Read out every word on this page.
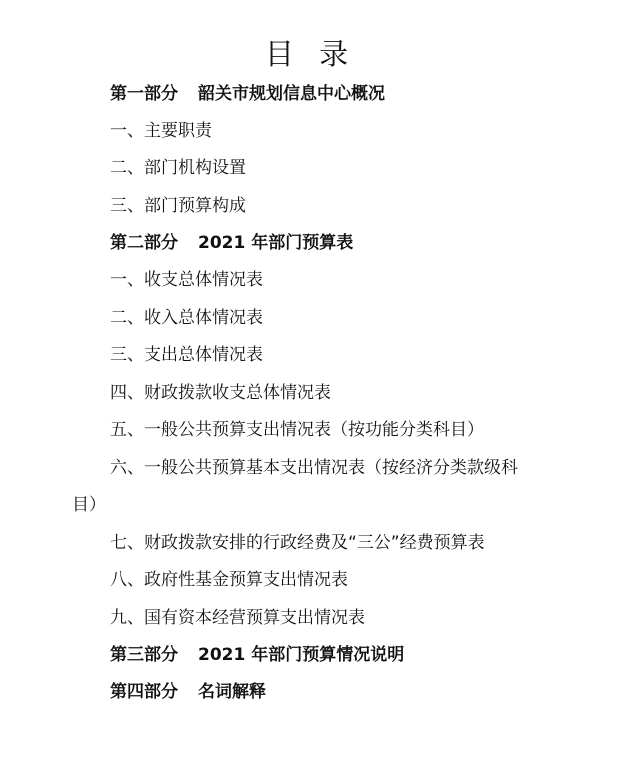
目 录
第一部分 韶关市规划信息中心概况
一、主要职责
二、部门机构设置
三、部门预算构成
第二部分 2021 年部门预算表
一、收支总体情况表
二、收入总体情况表
三、支出总体情况表
四、财政拨款收支总体情况表
五、一般公共预算支出情况表（按功能分类科目）
六、一般公共预算基本支出情况表（按经济分类款级科
目）
七、财政拨款安排的行政经费及“三公”经费预算表
八、政府性基金预算支出情况表
九、国有资本经营预算支出情况表
第三部分 2021 年部门预算情况说明
第四部分 名词解释
